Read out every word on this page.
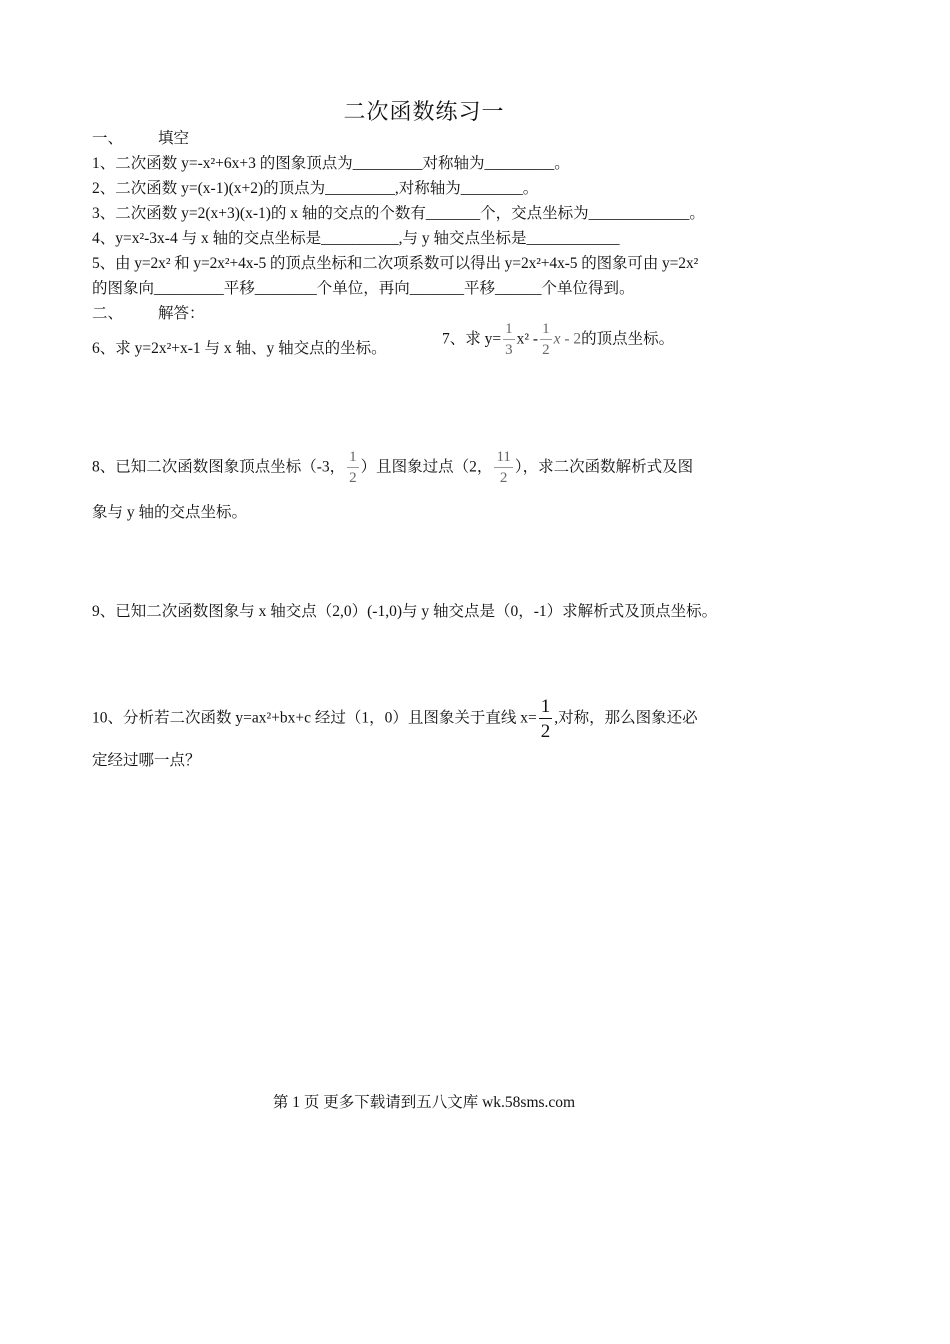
二次函数练习一
一、 填空
1、二次函数 y=-x²+6x+3 的图象顶点为_________对称轴为_________。
2、二次函数 y=(x-1)(x+2)的顶点为_________,对称轴为________。
3、二次函数 y=2(x+3)(x-1)的 x 轴的交点的个数有_______个，交点坐标为_____________。
4、y=x²-3x-4 与 x 轴的交点坐标是__________,与 y 轴交点坐标是____________
5、由 y=2x² 和 y=2x²+4x-5 的顶点坐标和二次项系数可以得出 y=2x²+4x-5 的图象可由 y=2x²
的图象向_________平移________个单位，再向_______平移______个单位得到。
二、 解答：
6、求 y=2x²+x-1 与 x 轴、y 轴交点的坐标。
7、求 $y= \frac{1}{3} x^2 - \frac{1}{2}$ x - 2的顶点坐标。
8、已知二次函数图象顶点坐标（-3， $\frac{1}{2}$ ）且图象过点（2， $\frac{11}{2}$ ），求二次函数解析式及图
象与 y 轴的交点坐标。
9、已知二次函数图象与 x 轴交点（2,0）(-1,0)与 y 轴交点是（0，-1）求解析式及顶点坐标。
10、分析若二次函数 y=ax²+bx+c 经过（1，0）且图象关于直线 $x= \frac{1}{2}$ ,对称，那么图象还必
定经过哪一点？
第 1 页 更多下载请到五八文库 wk.58sms.com
